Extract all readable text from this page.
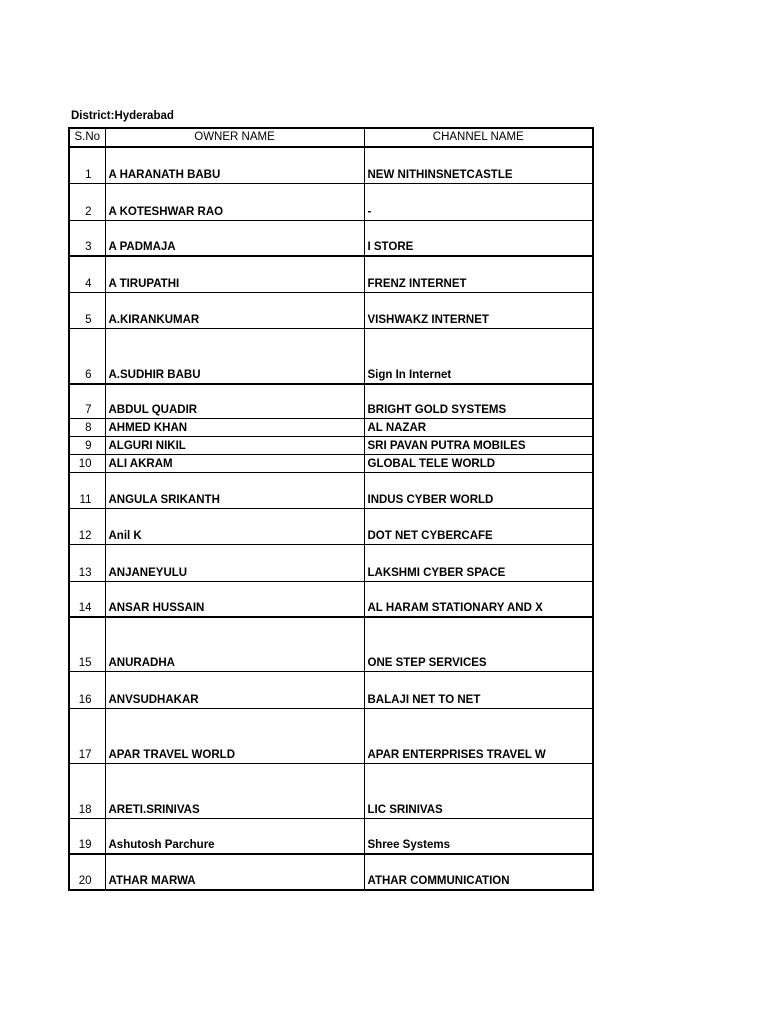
District:Hyderabad
S.No	OWNER NAME	CHANNEL NAME
1	A HARANATH BABU	NEW NITHINSNETCASTLE
2	A KOTESHWAR RAO	-
3	A PADMAJA	I STORE
4	A TIRUPATHI	FRENZ INTERNET
5	A.KIRANKUMAR	VISHWAKZ INTERNET
6	A.SUDHIR BABU	Sign In Internet
7	ABDUL QUADIR	BRIGHT GOLD SYSTEMS
8	AHMED KHAN	AL NAZAR
9	ALGURI NIKIL	SRI PAVAN PUTRA MOBILES
10	ALI AKRAM	GLOBAL TELE WORLD
11	ANGULA SRIKANTH	INDUS CYBER WORLD
12	Anil K	DOT NET CYBERCAFE
13	ANJANEYULU	LAKSHMI CYBER SPACE
14	ANSAR HUSSAIN	AL HARAM STATIONARY AND X
15	ANURADHA	ONE STEP SERVICES
16	ANVSUDHAKAR	BALAJI NET TO NET
17	APAR TRAVEL WORLD	APAR ENTERPRISES TRAVEL W
18	ARETI.SRINIVAS	LIC SRINIVAS
19	Ashutosh Parchure	Shree Systems
20	ATHAR MARWA	ATHAR COMMUNICATION
